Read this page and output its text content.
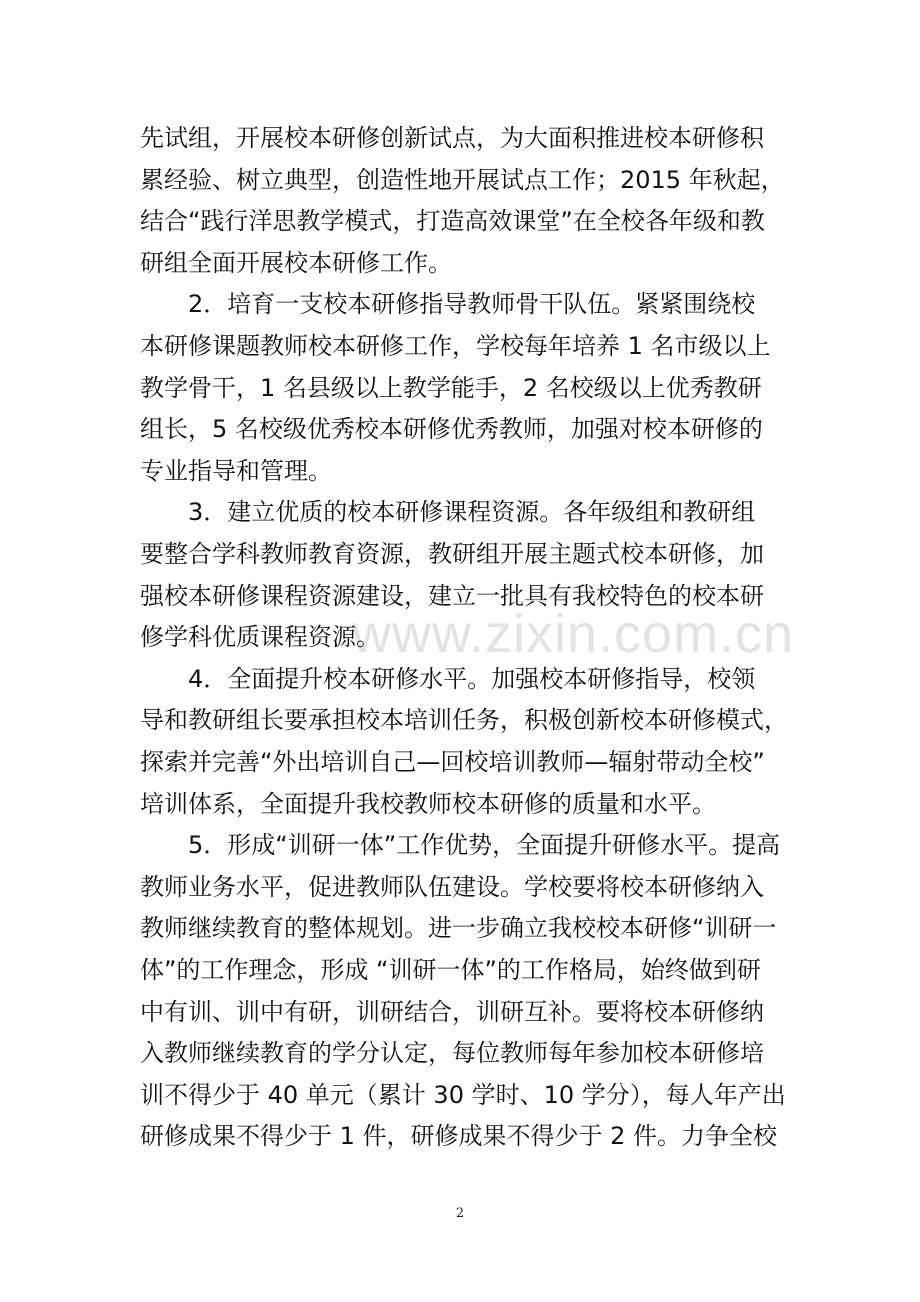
www.zixin.com.cn
先试组，开展校本研修创新试点，为大面积推进校本研修积
累经验、树立典型，创造性地开展试点工作；2015 年秋起，
结合“践行洋思教学模式，打造高效课堂”在全校各年级和教
研组全面开展校本研修工作。
　　2．培育一支校本研修指导教师骨干队伍。紧紧围绕校
本研修课题教师校本研修工作，学校每年培养 1 名市级以上
教学骨干，1 名县级以上教学能手，2 名校级以上优秀教研
组长，5 名校级优秀校本研修优秀教师，加强对校本研修的
专业指导和管理。
　　3．建立优质的校本研修课程资源。各年级组和教研组
要整合学科教师教育资源，教研组开展主题式校本研修，加
强校本研修课程资源建设，建立一批具有我校特色的校本研
修学科优质课程资源。
　　4．全面提升校本研修水平。加强校本研修指导，校领
导和教研组长要承担校本培训任务，积极创新校本研修模式，
探索并完善“外出培训自己—回校培训教师—辐射带动全校”
培训体系，全面提升我校教师校本研修的质量和水平。
　　5．形成“训研一体”工作优势，全面提升研修水平。提高
教师业务水平，促进教师队伍建设。学校要将校本研修纳入
教师继续教育的整体规划。进一步确立我校校本研修“训研一
体”的工作理念，形成 “训研一体”的工作格局，始终做到研
中有训、训中有研，训研结合，训研互补。要将校本研修纳
入教师继续教育的学分认定，每位教师每年参加校本研修培
训不得少于 40 单元（累计 30 学时、10 学分），每人年产出
研修成果不得少于 1 件，研修成果不得少于 2 件。力争全校
2
